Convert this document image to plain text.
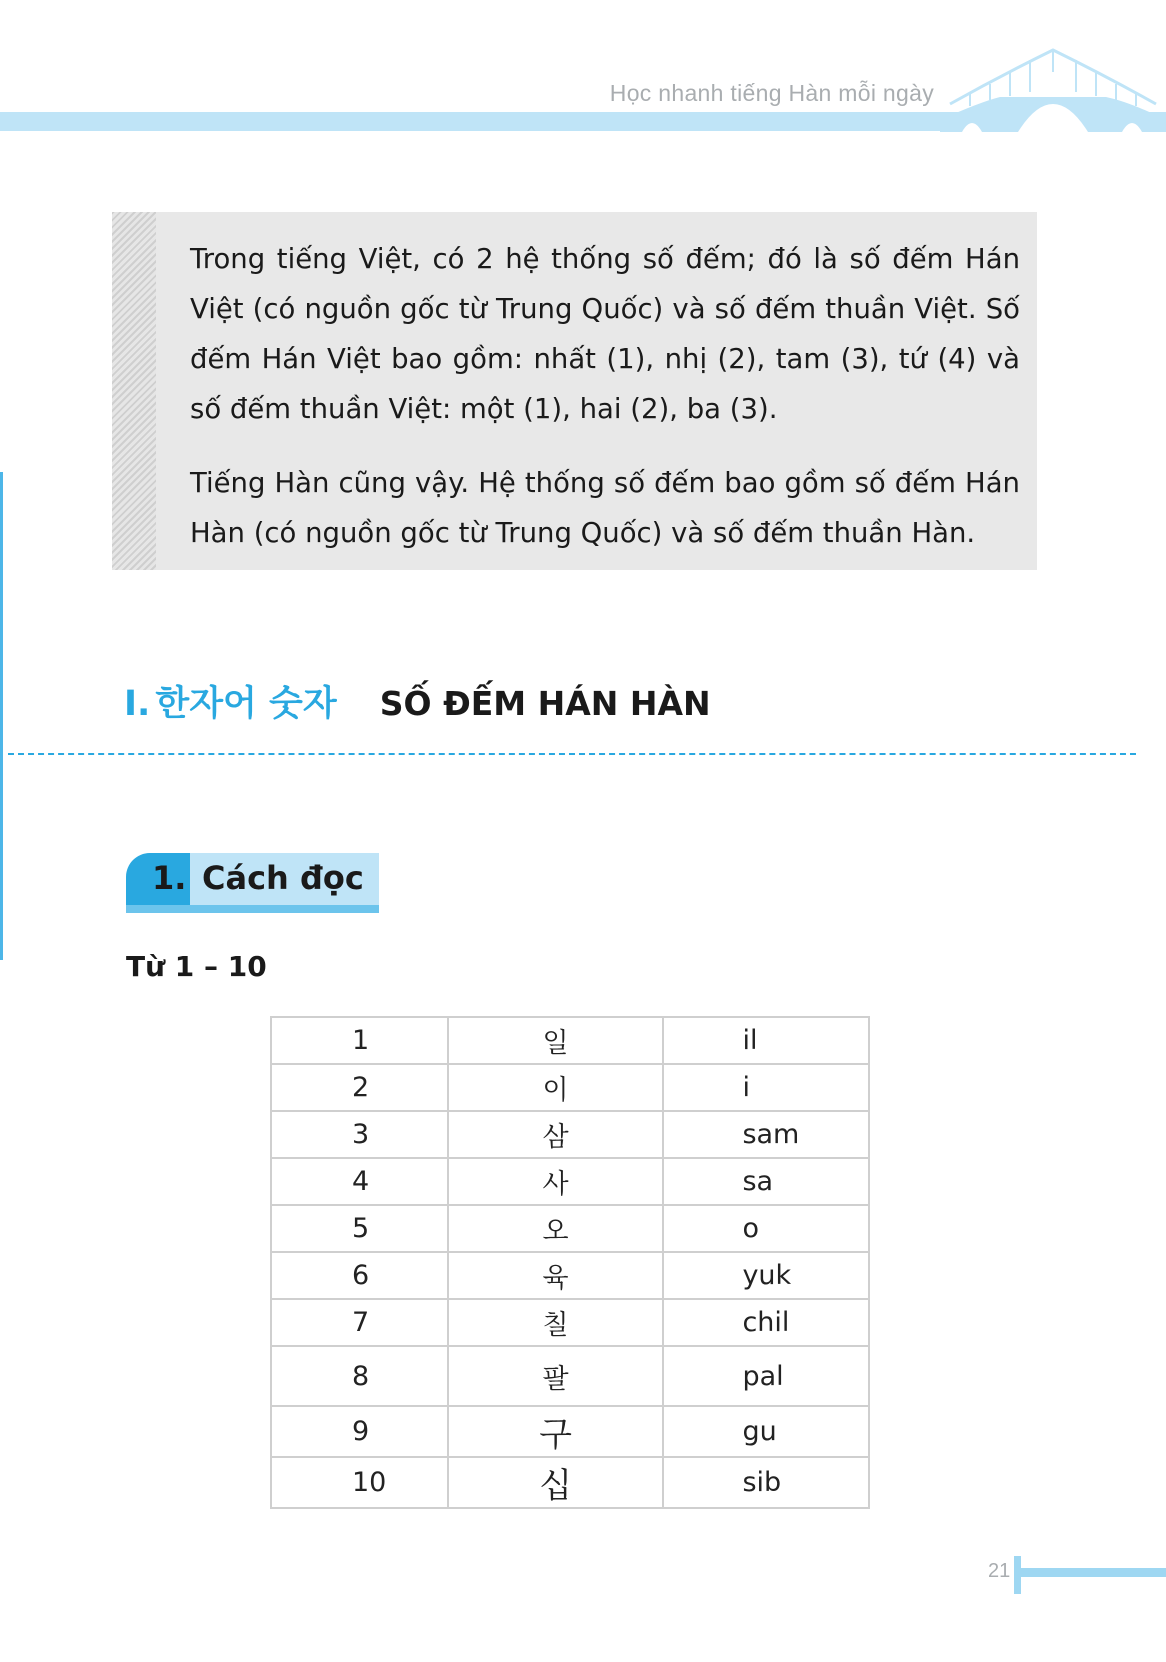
Học nhanh tiếng Hàn mỗi ngày

Trong tiếng Việt, có 2 hệ thống số đếm; đó là số đếm Hán Việt (có nguồn gốc từ Trung Quốc) và số đếm thuần Việt. Số đếm Hán Việt bao gồm: nhất (1), nhị (2), tam (3), tứ (4) và số đếm thuần Việt: một (1), hai (2), ba (3).

Tiếng Hàn cũng vậy. Hệ thống số đếm bao gồm số đếm Hán Hàn (có nguồn gốc từ Trung Quốc) và số đếm thuần Hàn.

I. 한자어 숫자 SỐ ĐẾM HÁN HÀN
1. Cách đọc
Từ 1 – 10
1	일	il
2	이	i
3	삼	sam
4	사	sa
5	오	o
6	육	yuk
7	칠	chil
8	팔	pal
9	구	gu
10	십	sib
21
